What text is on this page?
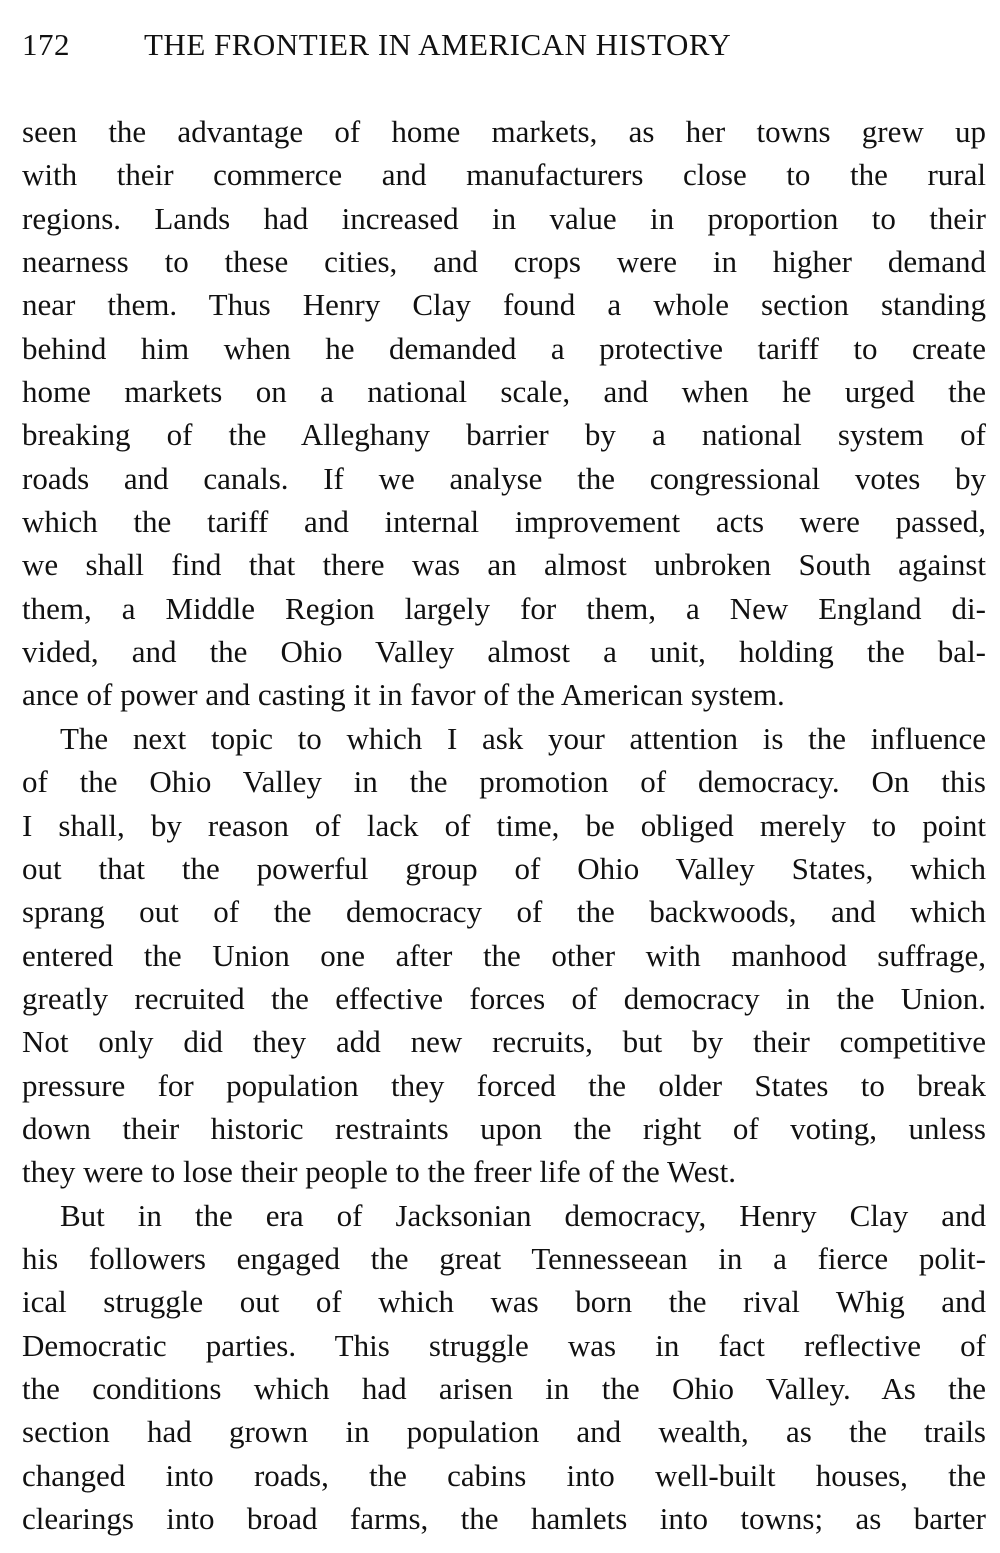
172 THE FRONTIER IN AMERICAN HISTORY

seen the advantage of home markets, as her towns grew up
with their commerce and manufacturers close to the rural
regions. Lands had increased in value in proportion to their
nearness to these cities, and crops were in higher demand
near them. Thus Henry Clay found a whole section standing
behind him when he demanded a protective tariff to create
home markets on a national scale, and when he urged the
breaking of the Alleghany barrier by a national system of
roads and canals. If we analyse the congressional votes by
which the tariff and internal improvement acts were passed,
we shall find that there was an almost unbroken South against
them, a Middle Region largely for them, a New England di-
vided, and the Ohio Valley almost a unit, holding the bal-
ance of power and casting it in favor of the American system.

The next topic to which I ask your attention is the influence
of the Ohio Valley in the promotion of democracy. On this
I shall, by reason of lack of time, be obliged merely to point
out that the powerful group of Ohio Valley States, which
sprang out of the democracy of the backwoods, and which
entered the Union one after the other with manhood suffrage,
greatly recruited the effective forces of democracy in the Union.
Not only did they add new recruits, but by their competitive
pressure for population they forced the older States to break
down their historic restraints upon the right of voting, unless
they were to lose their people to the freer life of the West.

But in the era of Jacksonian democracy, Henry Clay and
his followers engaged the great Tennesseean in a fierce polit-
ical struggle out of which was born the rival Whig and
Democratic parties. This struggle was in fact reflective of
the conditions which had arisen in the Ohio Valley. As the
section had grown in population and wealth, as the trails
changed into roads, the cabins into well-built houses, the
clearings into broad farms, the hamlets into towns; as barter
